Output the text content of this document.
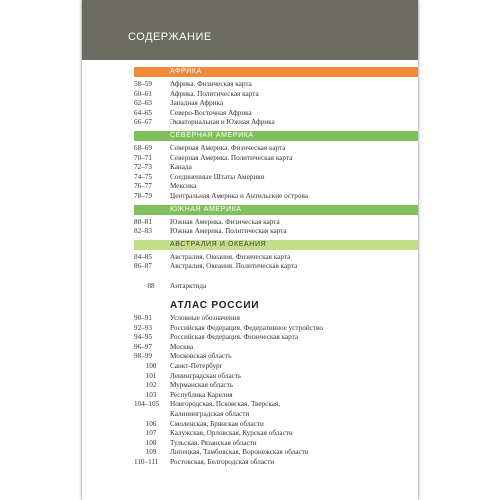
СОДЕРЖАНИЕ
АФРИКА
58–59	Африка. Физическая карта
60–61	Африка. Политическая карта
62–63	Западная Африка
64–65	Северо-Восточная Африка
66–67	Экваториальная и Южная Африка
СЕВЕРНАЯ АМЕРИКА
68–69	Северная Америка. Физическая карта
70–71	Северная Америка. Политическая карта
72–73	Канада
74–75	Соединенные Штаты Америки
76–77	Мексика
78–79	Центральная Америка и Антильские острова
ЮЖНАЯ АМЕРИКА
80–81	Южная Америка. Физическая карта
82–83	Южная Америка. Политическая карта
АВСТРАЛИЯ И ОКЕАНИЯ
84–85	Австралия, Океания. Физическая карта
86–87	Австралия, Океания. Политическая карта
88	Антарктида
АТЛАС РОССИИ
90–91	Условные обозначения
92–93	Российская Федерация. Федеративное устройство
94–95	Российская Федерация. Физическая карта
96–97	Москва
98–99	Московская область
100	Санкт-Петербург
101	Ленинградская область
102	Мурманская область
103	Республика Карелия
104–105	Новгородская, Псковская, Тверская,
Калининградская области
106	Смоленская, Брянская области
107	Калужская, Орловская, Курская области
108	Тульская, Рязанская области
109	Липецкая, Тамбовская, Воронежская области
110–111	Ростовская, Белгородская области
